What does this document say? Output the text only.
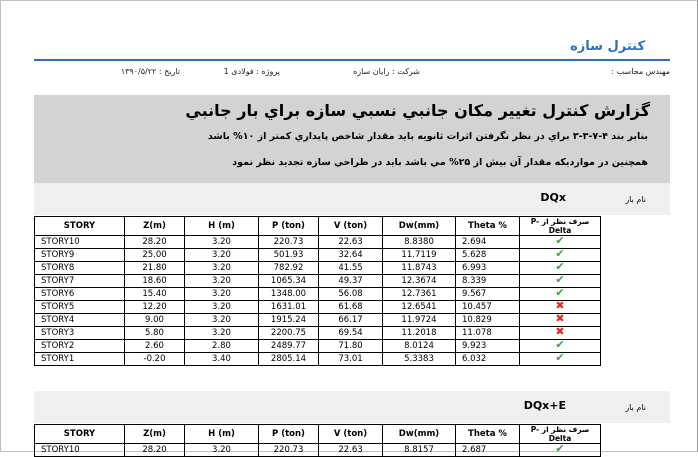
کنترل سازه
مهندس محاسب :
شرکت : رایان سازه
پروژه : فولادی 1
تاریخ : ۱۳۹۰/۵/۲۲
گزارش كنترل تغيير مكان جانبي نسبي سازه براي بار جانبي
بنابر بند ۴-۷-۳-۳ براي در نظر نگرفتن اثرات ثانويه بايد مقدار شاخص پايداري كمتر از ۱۰% باشد
همچنين در مواردیکه مقدار آن بيش از ۲۵% مي باشد بايد در طراحي سازه تجديد نظر نمود
نام بار
DQx
STORY	Z(m)	H (m)	P (ton)	V (ton)	Dw(mm)	Theta %	صرف نظر از P-Delta
STORY10	28.20	3.20	220.73	22.63	8.8380	2.694	✔
STORY9	25.00	3.20	501.93	32.64	11.7119	5.628	✔
STORY8	21.80	3.20	782.92	41.55	11.8743	6.993	✔
STORY7	18.60	3.20	1065.34	49.37	12.3674	8.339	✔
STORY6	15.40	3.20	1348.00	56.08	12.7361	9.567	✔
STORY5	12.20	3.20	1631.01	61.68	12.6541	10.457	✖
STORY4	9.00	3.20	1915.24	66.17	11.9724	10.829	✖
STORY3	5.80	3.20	2200.75	69.54	11.2018	11.078	✖
STORY2	2.60	2.80	2489.77	71.80	8.0124	9.923	✔
STORY1	-0.20	3.40	2805.14	73.01	5.3383	6.032	✔
نام بار
DQx+E
STORY	Z(m)	H (m)	P (ton)	V (ton)	Dw(mm)	Theta %	صرف نظر از P-Delta
STORY10	28.20	3.20	220.73	22.63	8.8157	2.687	✔
